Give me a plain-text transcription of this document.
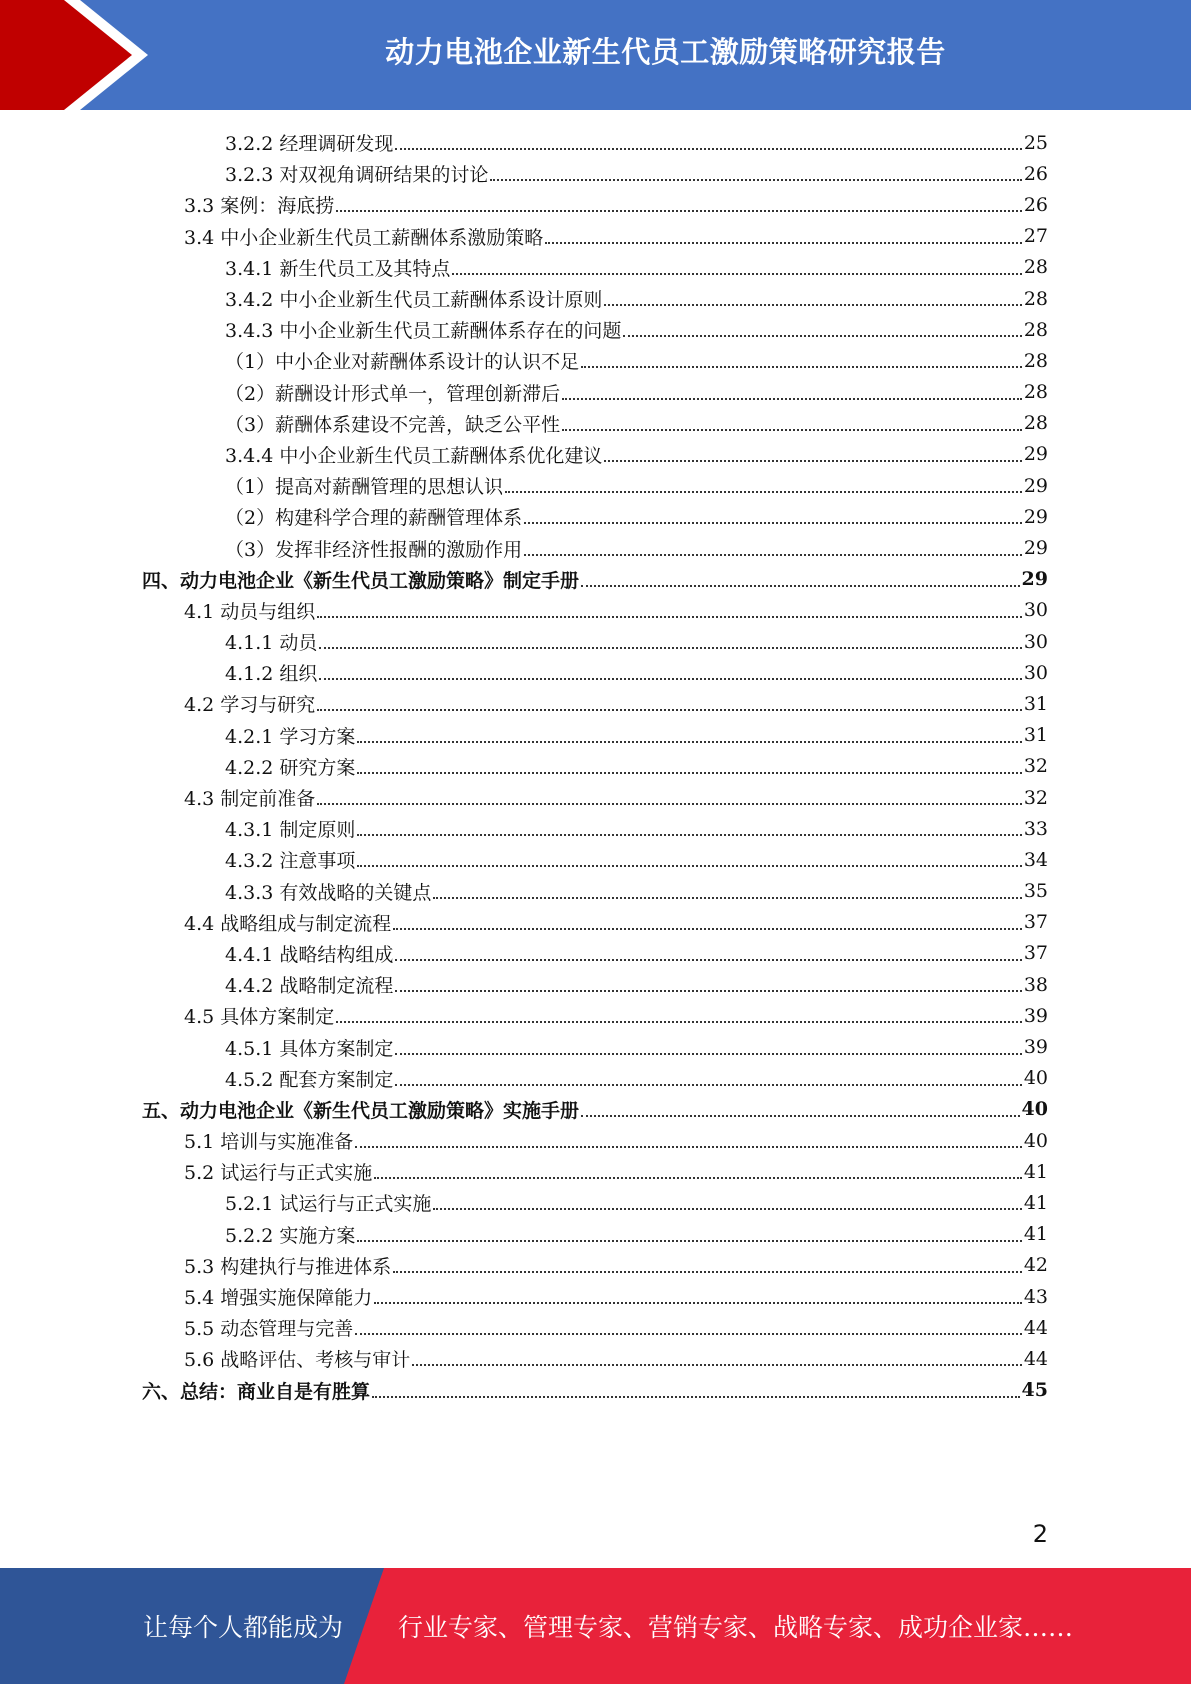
动力电池企业新生代员工激励策略研究报告
3.2.2 经理调研发现	25
3.2.3 对双视角调研结果的讨论	26
3.3 案例：海底捞	26
3.4 中小企业新生代员工薪酬体系激励策略	27
3.4.1 新生代员工及其特点	28
3.4.2 中小企业新生代员工薪酬体系设计原则	28
3.4.3 中小企业新生代员工薪酬体系存在的问题	28
（1）中小企业对薪酬体系设计的认识不足	28
（2）薪酬设计形式单一，管理创新滞后	28
（3）薪酬体系建设不完善，缺乏公平性	28
3.4.4 中小企业新生代员工薪酬体系优化建议	29
（1）提高对薪酬管理的思想认识	29
（2）构建科学合理的薪酬管理体系	29
（3）发挥非经济性报酬的激励作用	29
四、动力电池企业《新生代员工激励策略》制定手册	29
4.1 动员与组织	30
4.1.1 动员	30
4.1.2 组织	30
4.2 学习与研究	31
4.2.1 学习方案	31
4.2.2 研究方案	32
4.3 制定前准备	32
4.3.1 制定原则	33
4.3.2 注意事项	34
4.3.3 有效战略的关键点	35
4.4 战略组成与制定流程	37
4.4.1 战略结构组成	37
4.4.2 战略制定流程	38
4.5 具体方案制定	39
4.5.1 具体方案制定	39
4.5.2 配套方案制定	40
五、动力电池企业《新生代员工激励策略》实施手册	40
5.1 培训与实施准备	40
5.2 试运行与正式实施	41
5.2.1 试运行与正式实施	41
5.2.2 实施方案	41
5.3 构建执行与推进体系	42
5.4 增强实施保障能力	43
5.5 动态管理与完善	44
5.6 战略评估、考核与审计	44
六、总结：商业自是有胜算	45
2
让每个人都能成为 行业专家、管理专家、营销专家、战略专家、成功企业家……
